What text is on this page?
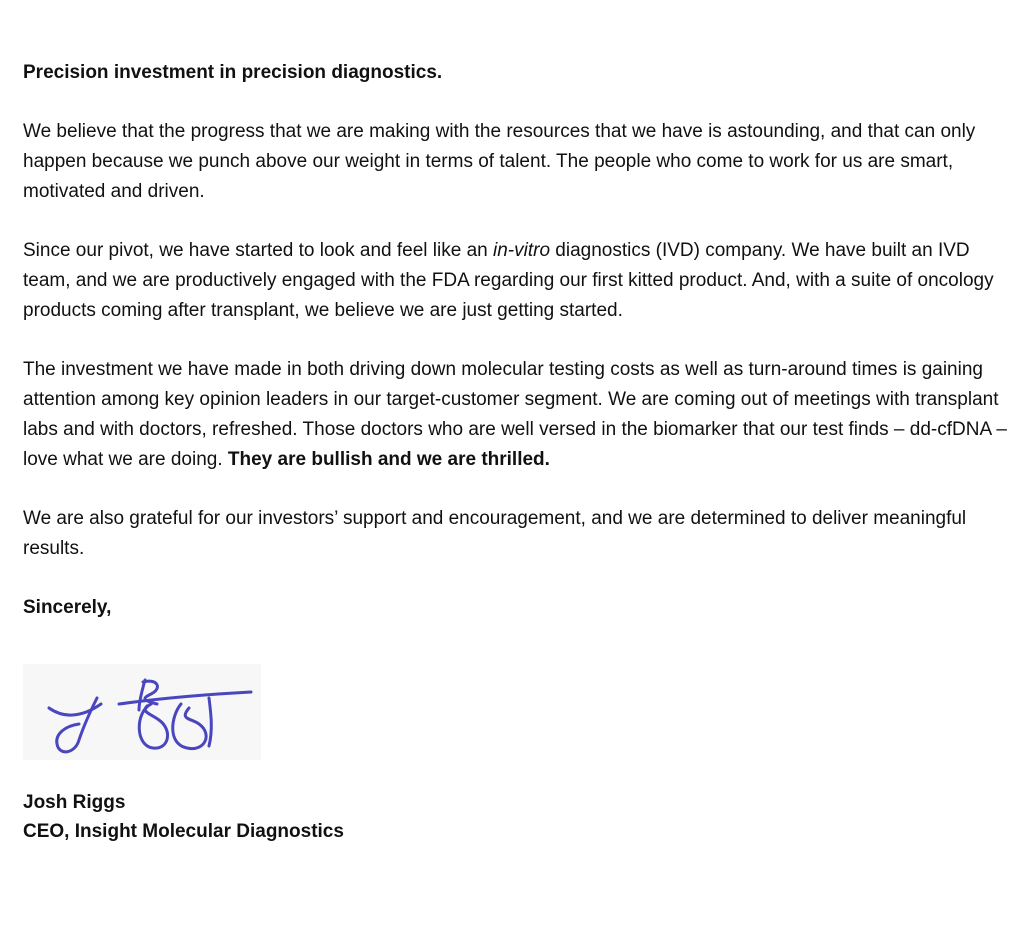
Precision investment in precision diagnostics.
We believe that the progress that we are making with the resources that we have is astounding, and that can only happen because we punch above our weight in terms of talent. The people who come to work for us are smart, motivated and driven.
Since our pivot, we have started to look and feel like an in-vitro diagnostics (IVD) company. We have built an IVD team, and we are productively engaged with the FDA regarding our first kitted product. And, with a suite of oncology products coming after transplant, we believe we are just getting started.
The investment we have made in both driving down molecular testing costs as well as turn-around times is gaining attention among key opinion leaders in our target-customer segment. We are coming out of meetings with transplant labs and with doctors, refreshed. Those doctors who are well versed in the biomarker that our test finds – dd-cfDNA – love what we are doing. They are bullish and we are thrilled.
We are also grateful for our investors’ support and encouragement, and we are determined to deliver meaningful results.
Sincerely,
Josh Riggs
CEO, Insight Molecular Diagnostics
